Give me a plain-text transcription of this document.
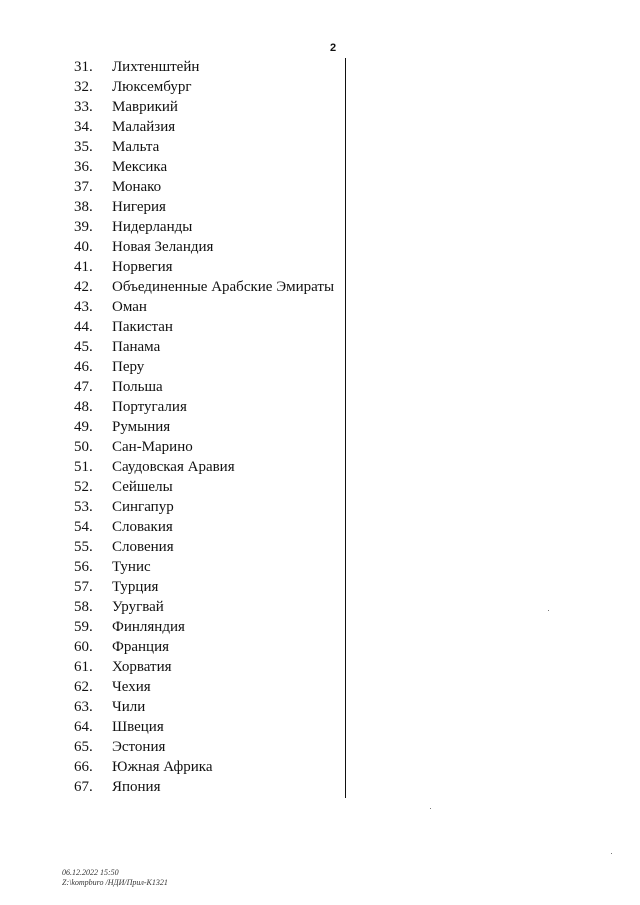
2
31.	Лихтенштейн
32.	Люксембург
33.	Маврикий
34.	Малайзия
35.	Мальта
36.	Мексика
37.	Монако
38.	Нигерия
39.	Нидерланды
40.	Новая Зеландия
41.	Норвегия
42.	Объединенные Арабские Эмираты
43.	Оман
44.	Пакистан
45.	Панама
46.	Перу
47.	Польша
48.	Португалия
49.	Румыния
50.	Сан-Марино
51.	Саудовская Аравия
52.	Сейшелы
53.	Сингапур
54.	Словакия
55.	Словения
56.	Тунис
57.	Турция
58.	Уругвай
59.	Финляндия
60.	Франция
61.	Хорватия
62.	Чехия
63.	Чили
64.	Швеция
65.	Эстония
66.	Южная Африка
67.	Япония
06.12.2022 15:50
Z:\kompburo /НДИ/Прил-К1321
